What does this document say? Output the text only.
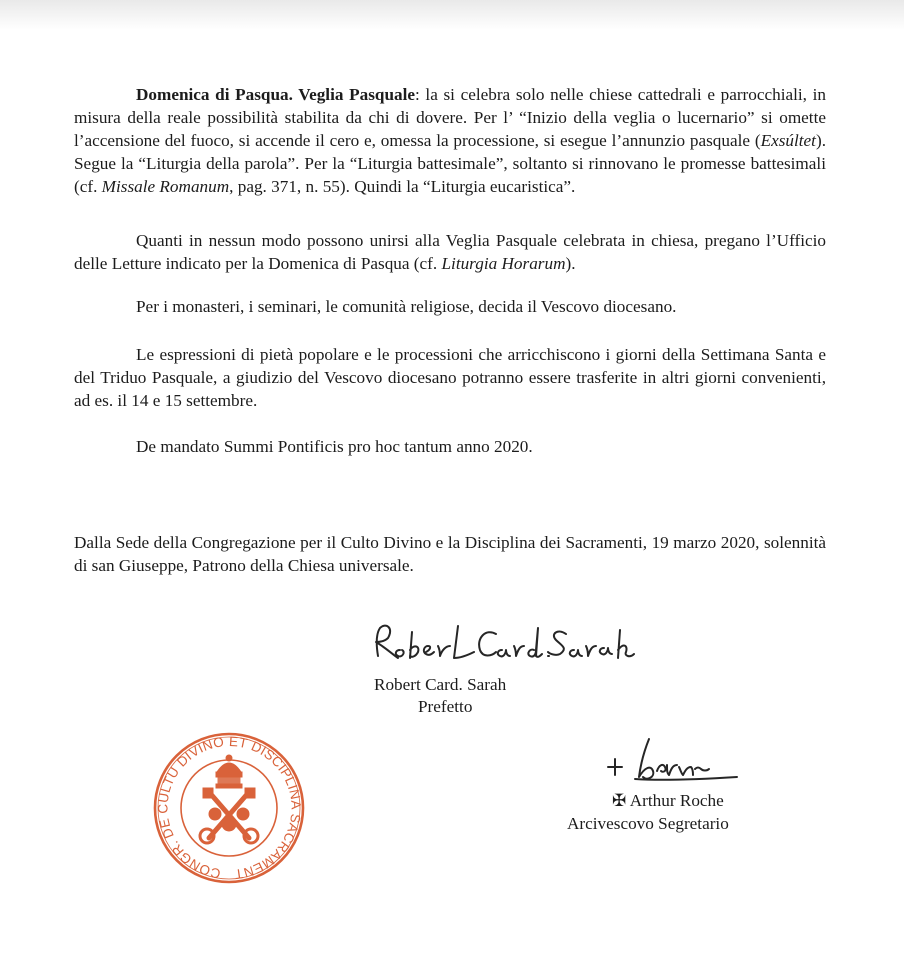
Domenica di Pasqua. Veglia Pasquale: la si celebra solo nelle chiese cattedrali e parrocchiali, in misura della reale possibilità stabilita da chi di dovere. Per l’ “Inizio della veglia o lucernario” si omette l’accensione del fuoco, si accende il cero e, omessa la processione, si esegue l’annunzio pasquale (Exsúltet). Segue la “Liturgia della parola”. Per la “Liturgia battesimale”, soltanto si rinnovano le promesse battesimali (cf. Missale Romanum, pag. 371, n. 55). Quindi la “Liturgia eucaristica”.

Quanti in nessun modo possono unirsi alla Veglia Pasquale celebrata in chiesa, pregano l’Ufficio delle Letture indicato per la Domenica di Pasqua (cf. Liturgia Horarum).

Per i monasteri, i seminari, le comunità religiose, decida il Vescovo diocesano.

Le espressioni di pietà popolare e le processioni che arricchiscono i giorni della Settimana Santa e del Triduo Pasquale, a giudizio del Vescovo diocesano potranno essere trasferite in altri giorni convenienti, ad es. il 14 e 15 settembre.

De mandato Summi Pontificis pro hoc tantum anno 2020.

Dalla Sede della Congregazione per il Culto Divino e la Disciplina dei Sacramenti, 19 marzo 2020, solennità di san Giuseppe, Patrono della Chiesa universale.

Robert Card. Sarah

Prefetto

✠ Arthur Roche

Arcivescovo Segretario

CONGR. DE CULTU DIVINO ET DISCIPLINA SACRAMENTORUM
